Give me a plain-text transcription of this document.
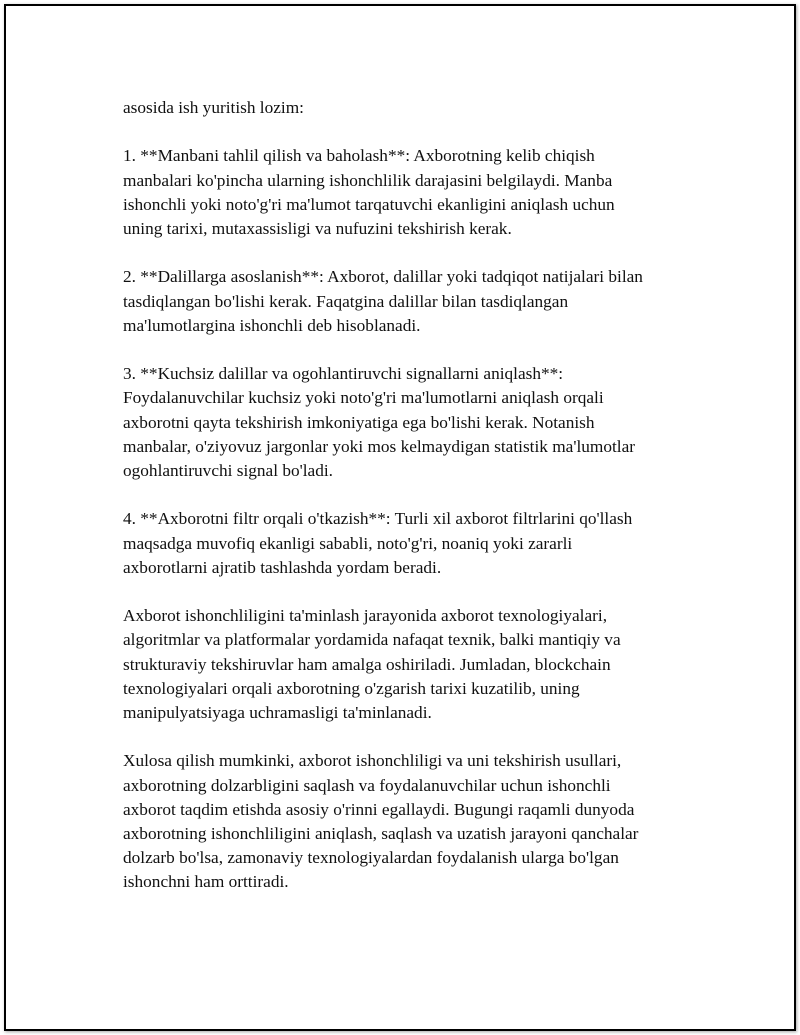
asosida ish yuritish lozim:

1. **Manbani tahlil qilish va baholash**: Axborotning kelib chiqish
manbalari ko'pincha ularning ishonchlilik darajasini belgilaydi. Manba
ishonchli yoki noto'g'ri ma'lumot tarqatuvchi ekanligini aniqlash uchun
uning tarixi, mutaxassisligi va nufuzini tekshirish kerak.

2. **Dalillarga asoslanish**: Axborot, dalillar yoki tadqiqot natijalari bilan
tasdiqlangan bo'lishi kerak. Faqatgina dalillar bilan tasdiqlangan
ma'lumotlargina ishonchli deb hisoblanadi.

3. **Kuchsiz dalillar va ogohlantiruvchi signallarni aniqlash**:
Foydalanuvchilar kuchsiz yoki noto'g'ri ma'lumotlarni aniqlash orqali
axborotni qayta tekshirish imkoniyatiga ega bo'lishi kerak. Notanish
manbalar, o'ziyovuz jargonlar yoki mos kelmaydigan statistik ma'lumotlar
ogohlantiruvchi signal bo'ladi.

4. **Axborotni filtr orqali o'tkazish**: Turli xil axborot filtrlarini qo'llash
maqsadga muvofiq ekanligi sababli, noto'g'ri, noaniq yoki zararli
axborotlarni ajratib tashlashda yordam beradi.

Axborot ishonchliligini ta'minlash jarayonida axborot texnologiyalari,
algoritmlar va platformalar yordamida nafaqat texnik, balki mantiqiy va
strukturaviy tekshiruvlar ham amalga oshiriladi. Jumladan, blockchain
texnologiyalari orqali axborotning o'zgarish tarixi kuzatilib, uning
manipulyatsiyaga uchramasligi ta'minlanadi.

Xulosa qilish mumkinki, axborot ishonchliligi va uni tekshirish usullari,
axborotning dolzarbligini saqlash va foydalanuvchilar uchun ishonchli
axborot taqdim etishda asosiy o'rinni egallaydi. Bugungi raqamli dunyoda
axborotning ishonchliligini aniqlash, saqlash va uzatish jarayoni qanchalar
dolzarb bo'lsa, zamonaviy texnologiyalardan foydalanish ularga bo'lgan
ishonchni ham orttiradi.
